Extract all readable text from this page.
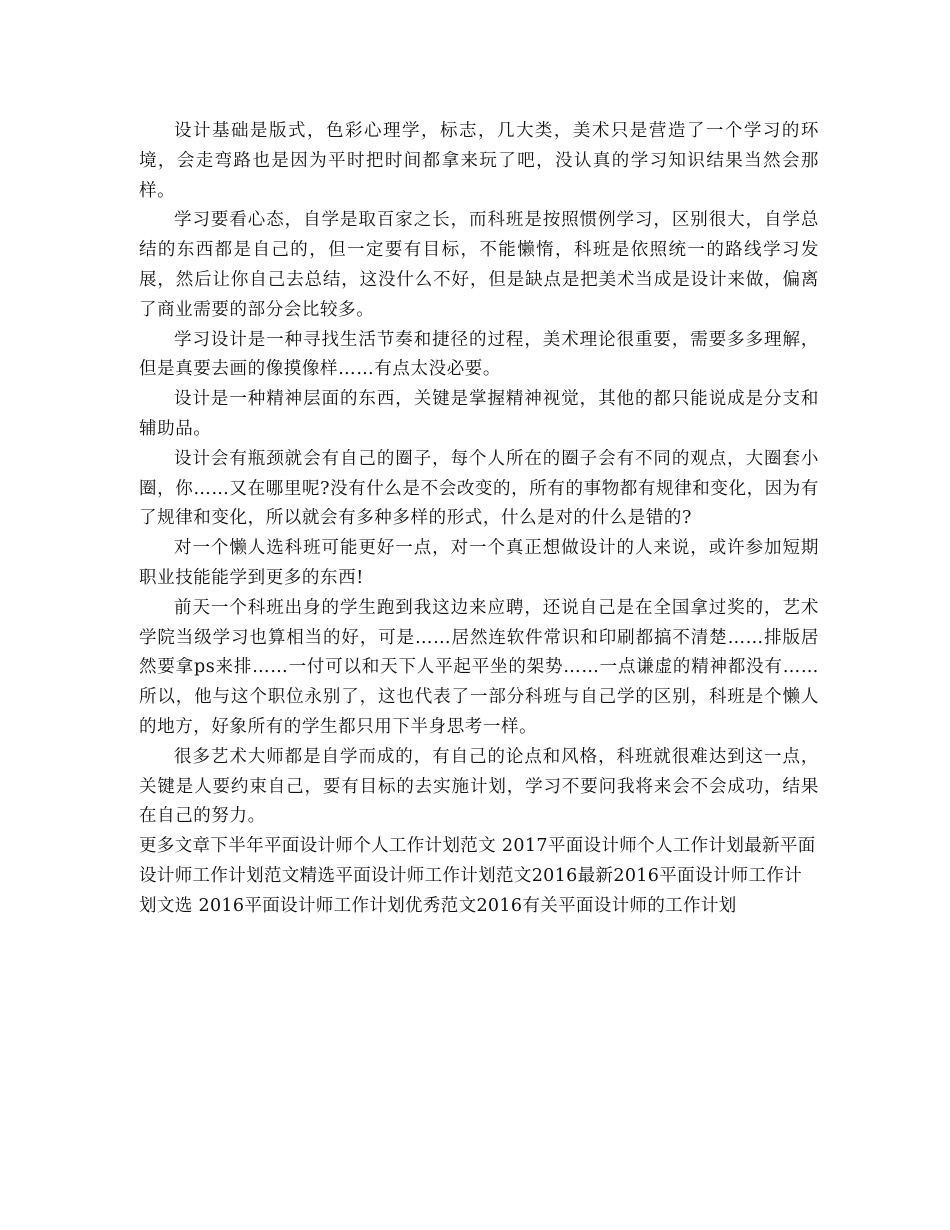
设计基础是版式，色彩心理学，标志，几大类，美术只是营造了一个学习的环境，会走弯路也是因为平时把时间都拿来玩了吧，没认真的学习知识结果当然会那样。

学习要看心态，自学是取百家之长，而科班是按照惯例学习，区别很大，自学总结的东西都是自己的，但一定要有目标，不能懒惰，科班是依照统一的路线学习发展，然后让你自己去总结，这没什么不好，但是缺点是把美术当成是设计来做，偏离了商业需要的部分会比较多。

学习设计是一种寻找生活节奏和捷径的过程，美术理论很重要，需要多多理解，但是真要去画的像摸像样……有点太没必要。

设计是一种精神层面的东西，关键是掌握精神视觉，其他的都只能说成是分支和辅助品。

设计会有瓶颈就会有自己的圈子，每个人所在的圈子会有不同的观点，大圈套小圈，你……又在哪里呢?没有什么是不会改变的，所有的事物都有规律和变化，因为有了规律和变化，所以就会有多种多样的形式，什么是对的什么是错的?

对一个懒人选科班可能更好一点，对一个真正想做设计的人来说，或许参加短期职业技能能学到更多的东西!

前天一个科班出身的学生跑到我这边来应聘，还说自己是在全国拿过奖的，艺术学院当级学习也算相当的好，可是……居然连软件常识和印刷都搞不清楚……排版居然要拿ps来排……一付可以和天下人平起平坐的架势……一点谦虚的精神都没有……所以，他与这个职位永别了，这也代表了一部分科班与自己学的区别，科班是个懒人的地方，好象所有的学生都只用下半身思考一样。

很多艺术大师都是自学而成的，有自己的论点和风格，科班就很难达到这一点，关键是人要约束自己，要有目标的去实施计划，学习不要问我将来会不会成功，结果在自己的努力。

更多文章下半年平面设计师个人工作计划范文 2017平面设计师个人工作计划最新平面设计师工作计划范文精选平面设计师工作计划范文2016最新2016平面设计师工作计划文选 2016平面设计师工作计划优秀范文2016有关平面设计师的工作计划
